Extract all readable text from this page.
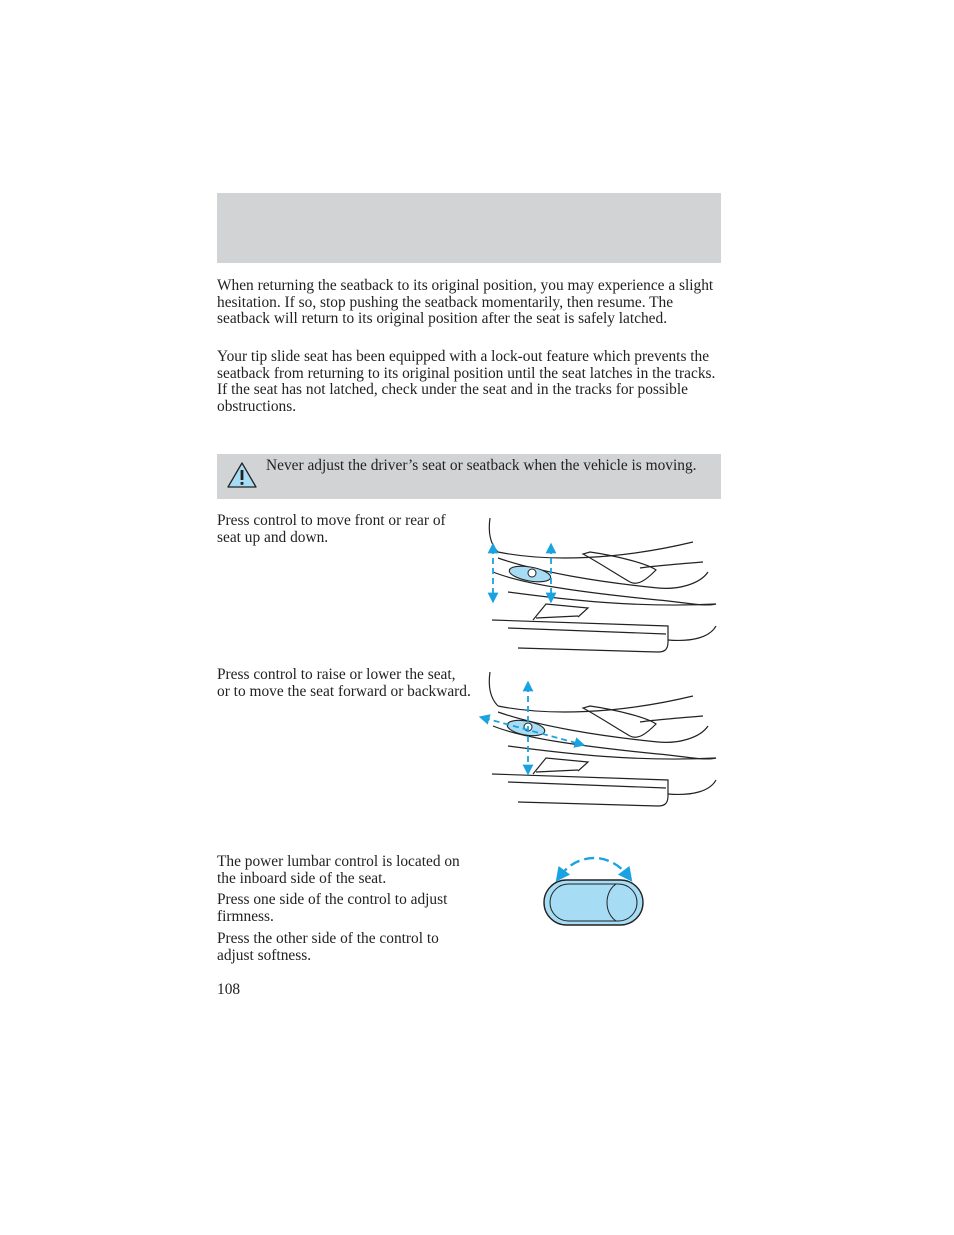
When returning the seatback to its original position, you may experience a slight hesitation. If so, stop pushing the seatback momentarily, then resume. The seatback will return to its original position after the seat is safely latched.

Your tip slide seat has been equipped with a lock-out feature which prevents the seatback from returning to its original position until the seat latches in the tracks. If the seat has not latched, check under the seat and in the tracks for possible obstructions.

Never adjust the driver’s seat or seatback when the vehicle is moving.

Press control to move front or rear of seat up and down.

Press control to raise or lower the seat, or to move the seat forward or backward.

The power lumbar control is located on the inboard side of the seat.

Press one side of the control to adjust firmness.

Press the other side of the control to adjust softness.

108
